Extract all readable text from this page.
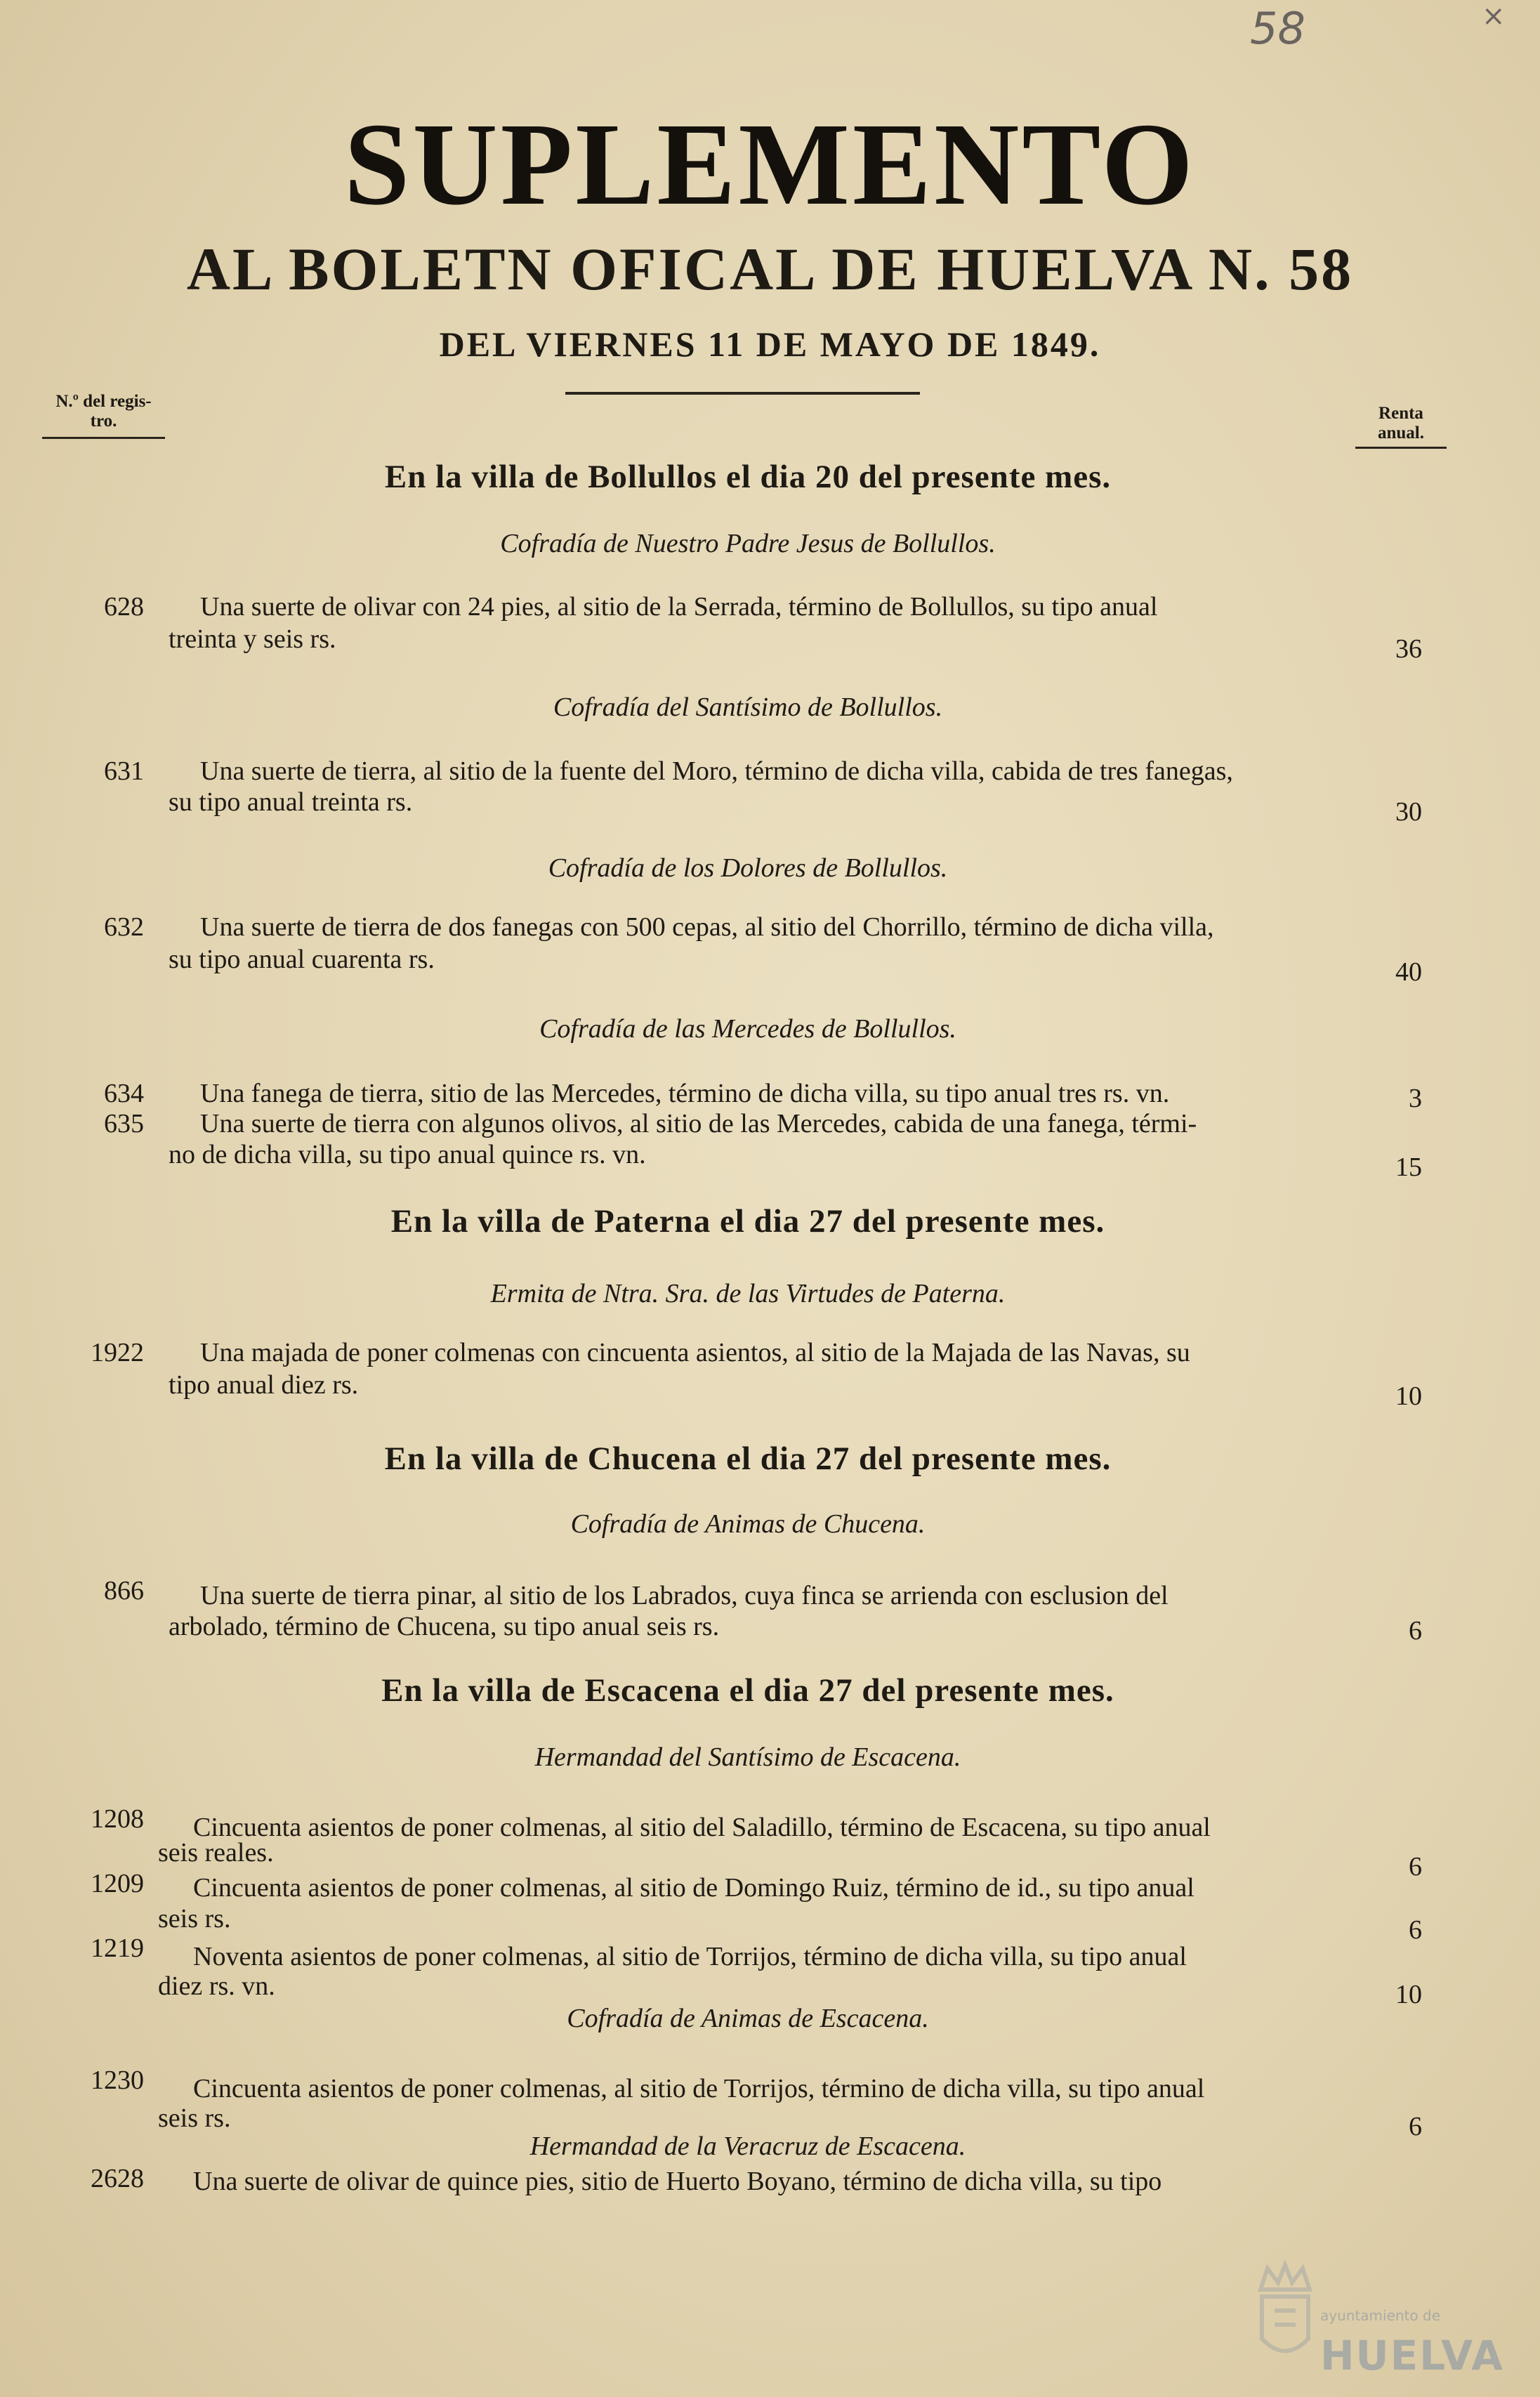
58	×
SUPLEMENTO
AL BOLETN OFICAL DE HUELVA N. 58
DEL VIERNES 11 DE MAYO DE 1849.
N.º del regis-
tro.	Renta
anual.
En la villa de Bollullos el dia 20 del presente mes.
Cofradía de Nuestro Padre Jesus de Bollullos.
628 Una suerte de olivar con 24 pies, al sitio de la Serrada, término de Bollullos, su tipo anual
treinta y seis rs.	36
Cofradía del Santísimo de Bollullos.
631 Una suerte de tierra, al sitio de la fuente del Moro, término de dicha villa, cabida de tres fanegas,
su tipo anual treinta rs.	30
Cofradía de los Dolores de Bollullos.
632 Una suerte de tierra de dos fanegas con 500 cepas, al sitio del Chorrillo, término de dicha villa,
su tipo anual cuarenta rs.	40
Cofradía de las Mercedes de Bollullos.
634 Una fanega de tierra, sitio de las Mercedes, término de dicha villa, su tipo anual tres rs. vn.	3
635 Una suerte de tierra con algunos olivos, al sitio de las Mercedes, cabida de una fanega, térmi-
no de dicha villa, su tipo anual quince rs. vn.	15
En la villa de Paterna el dia 27 del presente mes.
Ermita de Ntra. Sra. de las Virtudes de Paterna.
1922 Una majada de poner colmenas con cincuenta asientos, al sitio de la Majada de las Navas, su
tipo anual diez rs.	10
En la villa de Chucena el dia 27 del presente mes.
Cofradía de Animas de Chucena.
866 Una suerte de tierra pinar, al sitio de los Labrados, cuya finca se arrienda con esclusion del
arbolado, término de Chucena, su tipo anual seis rs.	6
En la villa de Escacena el dia 27 del presente mes.
Hermandad del Santísimo de Escacena.
1208 Cincuenta asientos de poner colmenas, al sitio del Saladillo, término de Escacena, su tipo anual
seis reales.	6
1209 Cincuenta asientos de poner colmenas, al sitio de Domingo Ruiz, término de id., su tipo anual
seis rs.	6
1219 Noventa asientos de poner colmenas, al sitio de Torrijos, término de dicha villa, su tipo anual
diez rs. vn.	10
Cofradía de Animas de Escacena.
1230 Cincuenta asientos de poner colmenas, al sitio de Torrijos, término de dicha villa, su tipo anual
seis rs.	6
Hermandad de la Veracruz de Escacena.
2628 Una suerte de olivar de quince pies, sitio de Huerto Boyano, término de dicha villa, su tipo
ayuntamiento de
HUELVA
